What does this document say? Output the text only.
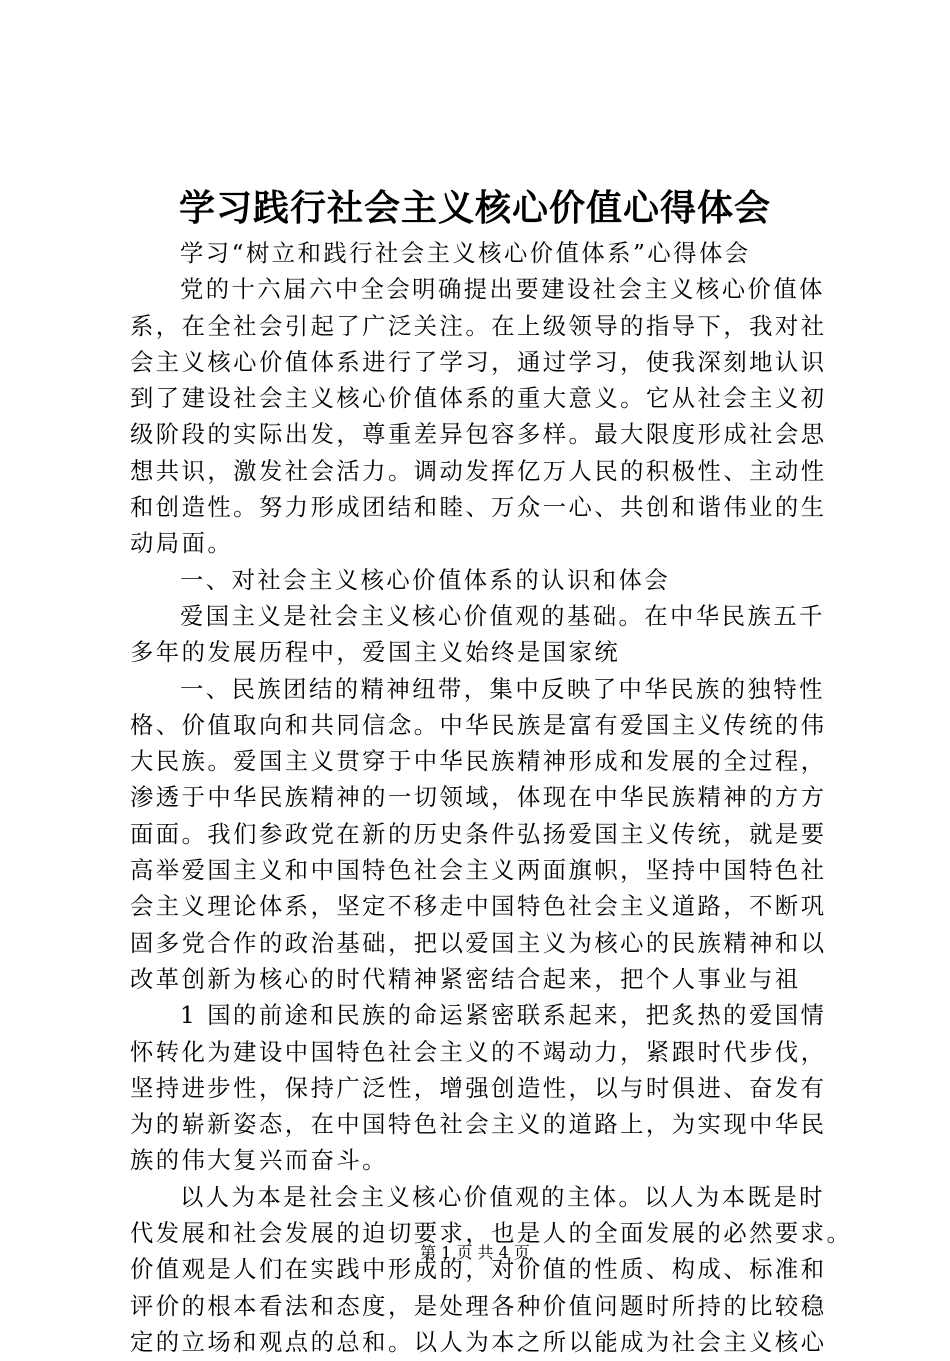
学习践行社会主义核心价值心得体会
学习“树立和践行社会主义核心价值体系”心得体会
党的十六届六中全会明确提出要建设社会主义核心价值体
系，在全社会引起了广泛关注。在上级领导的指导下，我对社
会主义核心价值体系进行了学习，通过学习，使我深刻地认识
到了建设社会主义核心价值体系的重大意义。它从社会主义初
级阶段的实际出发，尊重差异包容多样。最大限度形成社会思
想共识，激发社会活力。调动发挥亿万人民的积极性、主动性
和创造性。努力形成团结和睦、万众一心、共创和谐伟业的生
动局面。
一、对社会主义核心价值体系的认识和体会
爱国主义是社会主义核心价值观的基础。在中华民族五千
多年的发展历程中，爱国主义始终是国家统
一、民族团结的精神纽带，集中反映了中华民族的独特性
格、价值取向和共同信念。中华民族是富有爱国主义传统的伟
大民族。爱国主义贯穿于中华民族精神形成和发展的全过程，
渗透于中华民族精神的一切领域，体现在中华民族精神的方方
面面。我们参政党在新的历史条件弘扬爱国主义传统，就是要
高举爱国主义和中国特色社会主义两面旗帜，坚持中国特色社
会主义理论体系，坚定不移走中国特色社会主义道路，不断巩
固多党合作的政治基础，把以爱国主义为核心的民族精神和以
改革创新为核心的时代精神紧密结合起来，把个人事业与祖
1 国的前途和民族的命运紧密联系起来，把炙热的爱国情
怀转化为建设中国特色社会主义的不竭动力，紧跟时代步伐，
坚持进步性，保持广泛性，增强创造性，以与时俱进、奋发有
为的崭新姿态，在中国特色社会主义的道路上，为实现中华民
族的伟大复兴而奋斗。
以人为本是社会主义核心价值观的主体。以人为本既是时
代发展和社会发展的迫切要求，也是人的全面发展的必然要求。
价值观是人们在实践中形成的，对价值的性质、构成、标准和
评价的根本看法和态度，是处理各种价值问题时所持的比较稳
定的立场和观点的总和。以人为本之所以能成为社会主义核心
第 1 页 共 4 页
